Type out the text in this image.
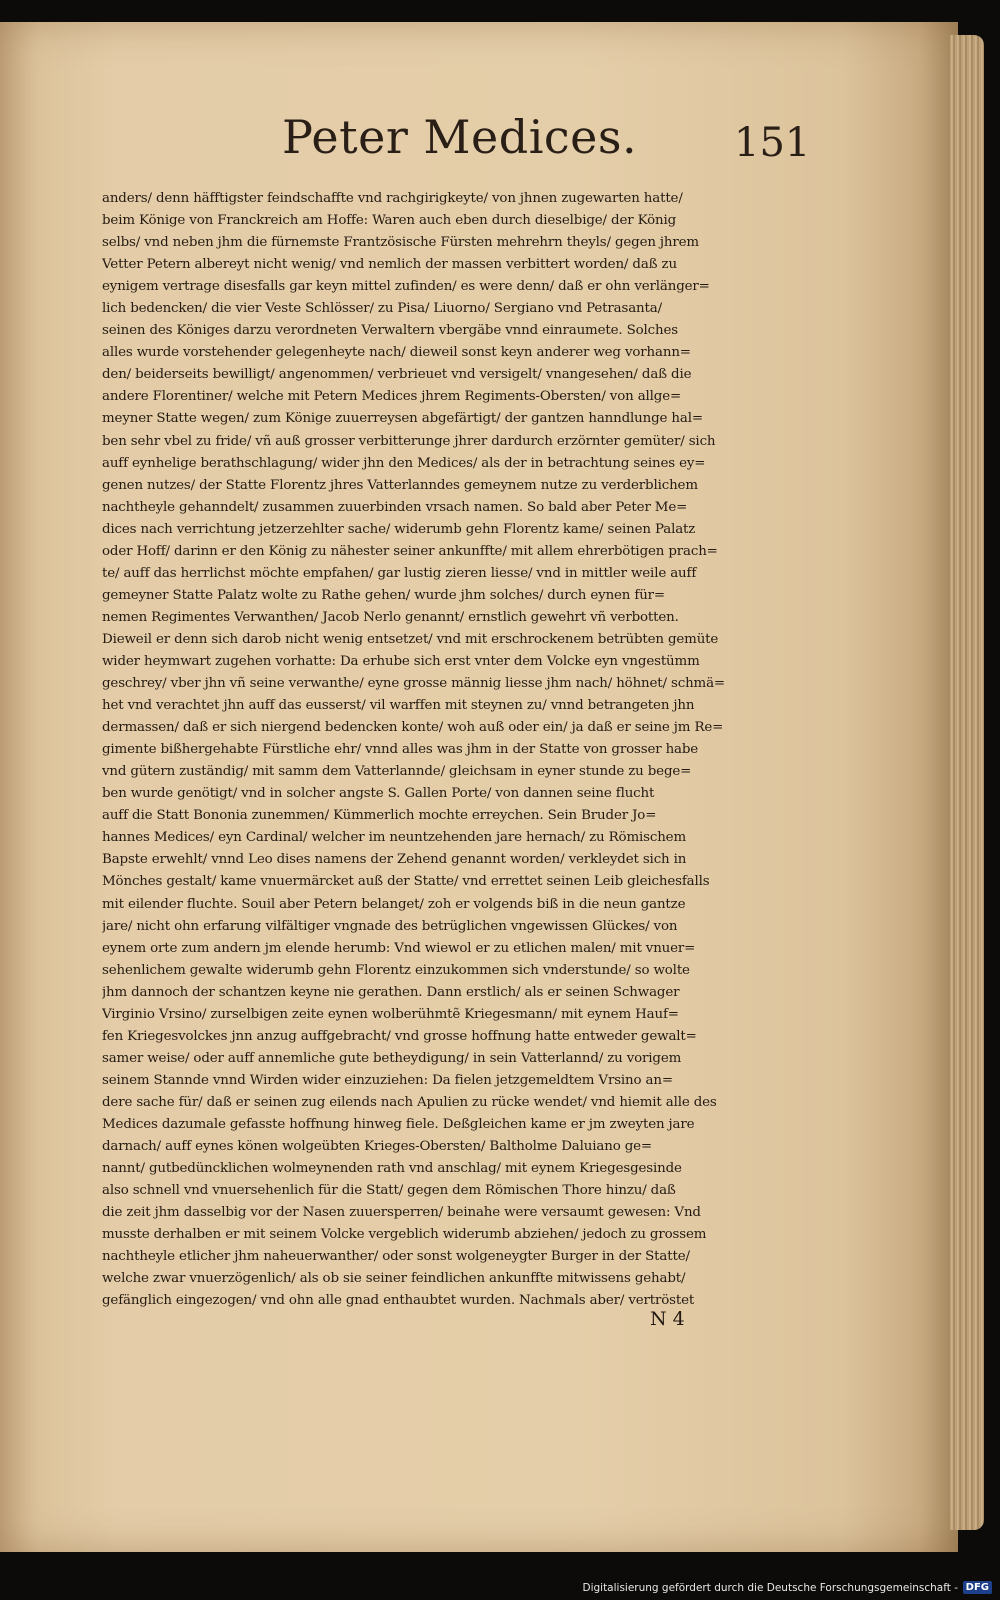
Peter Medices. 151
anders/ denn häfftigster feindschaffte vnd rachgirigkeyte/ von jhnen zugewarten hatte/
beim Könige von Franckreich am Hoffe: Waren auch eben durch dieselbige/ der König
selbs/ vnd neben jhm die fürnemste Frantzösische Fürsten mehrehrn theyls/ gegen jhrem
Vetter Petern albereyt nicht wenig/ vnd nemlich der massen verbittert worden/ daß zu
eynigem vertrage disesfalls gar keyn mittel zufinden/ es were denn/ daß er ohn verlänger=
lich bedencken/ die vier Veste Schlösser/ zu Pisa/ Liuorno/ Sergiano vnd Petrasanta/
seinen des Königes darzu verordneten Verwaltern vbergäbe vnnd einraumete. Solches
alles wurde vorstehender gelegenheyte nach/ dieweil sonst keyn anderer weg vorhann=
den/ beiderseits bewilligt/ angenommen/ verbrieuet vnd versigelt/ vnangesehen/ daß die
andere Florentiner/ welche mit Petern Medices jhrem Regiments-Obersten/ von allge=
meyner Statte wegen/ zum Könige zuuerreysen abgefärtigt/ der gantzen hanndlunge hal=
ben sehr vbel zu fride/ vñ auß grosser verbitterunge jhrer dardurch erzörnter gemüter/ sich
auff eynhelige berathschlagung/ wider jhn den Medices/ als der in betrachtung seines ey=
genen nutzes/ der Statte Florentz jhres Vatterlanndes gemeynem nutze zu verderblichem
nachtheyle gehanndelt/ zusammen zuuerbinden vrsach namen. So bald aber Peter Me=
dices nach verrichtung jetzerzehlter sache/ widerumb gehn Florentz kame/ seinen Palatz
oder Hoff/ darinn er den König zu nähester seiner ankunffte/ mit allem ehrerbötigen prach=
te/ auff das herrlichst möchte empfahen/ gar lustig zieren liesse/ vnd in mittler weile auff
gemeyner Statte Palatz wolte zu Rathe gehen/ wurde jhm solches/ durch eynen für=
nemen Regimentes Verwanthen/ Jacob Nerlo genannt/ ernstlich gewehrt vñ verbotten.
Dieweil er denn sich darob nicht wenig entsetzet/ vnd mit erschrockenem betrübten gemüte
wider heymwart zugehen vorhatte: Da erhube sich erst vnter dem Volcke eyn vngestümm
geschrey/ vber jhn vñ seine verwanthe/ eyne grosse männig liesse jhm nach/ höhnet/ schmä=
het vnd verachtet jhn auff das eusserst/ vil warffen mit steynen zu/ vnnd betrangeten jhn
dermassen/ daß er sich niergend bedencken konte/ woh auß oder ein/ ja daß er seine jm Re=
gimente bißhergehabte Fürstliche ehr/ vnnd alles was jhm in der Statte von grosser habe
vnd gütern zuständig/ mit samm dem Vatterlannde/ gleichsam in eyner stunde zu bege=
ben wurde genötigt/ vnd in solcher angste S. Gallen Porte/ von dannen seine flucht
auff die Statt Bononia zunemmen/ Kümmerlich mochte erreychen. Sein Bruder Jo=
hannes Medices/ eyn Cardinal/ welcher im neuntzehenden jare hernach/ zu Römischem
Bapste erwehlt/ vnnd Leo dises namens der Zehend genannt worden/ verkleydet sich in
Mönches gestalt/ kame vnuermärcket auß der Statte/ vnd errettet seinen Leib gleichesfalls
mit eilender fluchte. Souil aber Petern belanget/ zoh er volgends biß in die neun gantze
jare/ nicht ohn erfarung vilfältiger vngnade des betrüglichen vngewissen Glückes/ von
eynem orte zum andern jm elende herumb: Vnd wiewol er zu etlichen malen/ mit vnuer=
sehenlichem gewalte widerumb gehn Florentz einzukommen sich vnderstunde/ so wolte
jhm dannoch der schantzen keyne nie gerathen. Dann erstlich/ als er seinen Schwager
Virginio Vrsino/ zurselbigen zeite eynen wolberühmtẽ Kriegesmann/ mit eynem Hauf=
fen Kriegesvolckes jnn anzug auffgebracht/ vnd grosse hoffnung hatte entweder gewalt=
samer weise/ oder auff annemliche gute betheydigung/ in sein Vatterlannd/ zu vorigem
seinem Stannde vnnd Wirden wider einzuziehen: Da fielen jetzgemeldtem Vrsino an=
dere sache für/ daß er seinen zug eilends nach Apulien zu rücke wendet/ vnd hiemit alle des
Medices dazumale gefasste hoffnung hinweg fiele. Deßgleichen kame er jm zweyten jare
darnach/ auff eynes könen wolgeübten Krieges-Obersten/ Baltholme Daluiano ge=
nannt/ gutbedüncklichen wolmeynenden rath vnd anschlag/ mit eynem Kriegesgesinde
also schnell vnd vnuersehenlich für die Statt/ gegen dem Römischen Thore hinzu/ daß
die zeit jhm dasselbig vor der Nasen zuuersperren/ beinahe were versaumt gewesen: Vnd
musste derhalben er mit seinem Volcke vergeblich widerumb abziehen/ jedoch zu grossem
nachtheyle etlicher jhm naheuerwanther/ oder sonst wolgeneygter Burger in der Statte/
welche zwar vnuerzögenlich/ als ob sie seiner feindlichen ankunffte mitwissens gehabt/
gefänglich eingezogen/ vnd ohn alle gnad enthaubtet wurden. Nachmals aber/ vertröstet
N 4
Digitalisierung gefördert durch die Deutsche Forschungsgemeinschaft - DFG
